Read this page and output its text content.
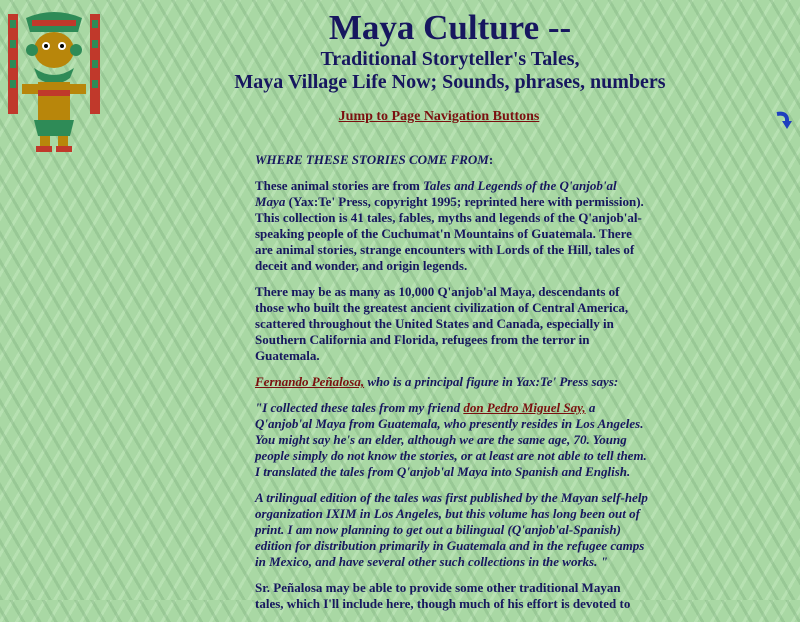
Maya Culture --
Traditional Storyteller's Tales,
Maya Village Life Now; Sounds, phrases, numbers
Jump to Page Navigation Buttons

WHERE THESE STORIES COME FROM:

These animal stories are from Tales and Legends of the Q'anjob'al Maya (Yax:Te' Press, copyright 1995; reprinted here with permission). This collection is 41 tales, fables, myths and legends of the Q'anjob'al-speaking people of the Cuchumat'n Mountains of Guatemala. There are animal stories, strange encounters with Lords of the Hill, tales of deceit and wonder, and origin legends.

There may be as many as 10,000 Q'anjob'al Maya, descendants of those who built the greatest ancient civilization of Central America, scattered throughout the United States and Canada, especially in Southern California and Florida, refugees from the terror in Guatemala.

Fernando Peñalosa, who is a principal figure in Yax:Te' Press says:

"I collected these tales from my friend don Pedro Miguel Say, a Q'anjob'al Maya from Guatemala, who presently resides in Los Angeles. You might say he's an elder, although we are the same age, 70. Young people simply do not know the stories, or at least are not able to tell them. I translated the tales from Q'anjob'al Maya into Spanish and English.

A trilingual edition of the tales was first published by the Mayan self-help organization IXIM in Los Angeles, but this volume has long been out of print. I am now planning to get out a bilingual (Q'anjob'al-Spanish) edition for distribution primarily in Guatemala and in the refugee camps in Mexico, and have several other such collections in the works. "

Sr. Peñalosa may be able to provide some other traditional Mayan tales, which I'll include here, though much of his effort is devoted to
